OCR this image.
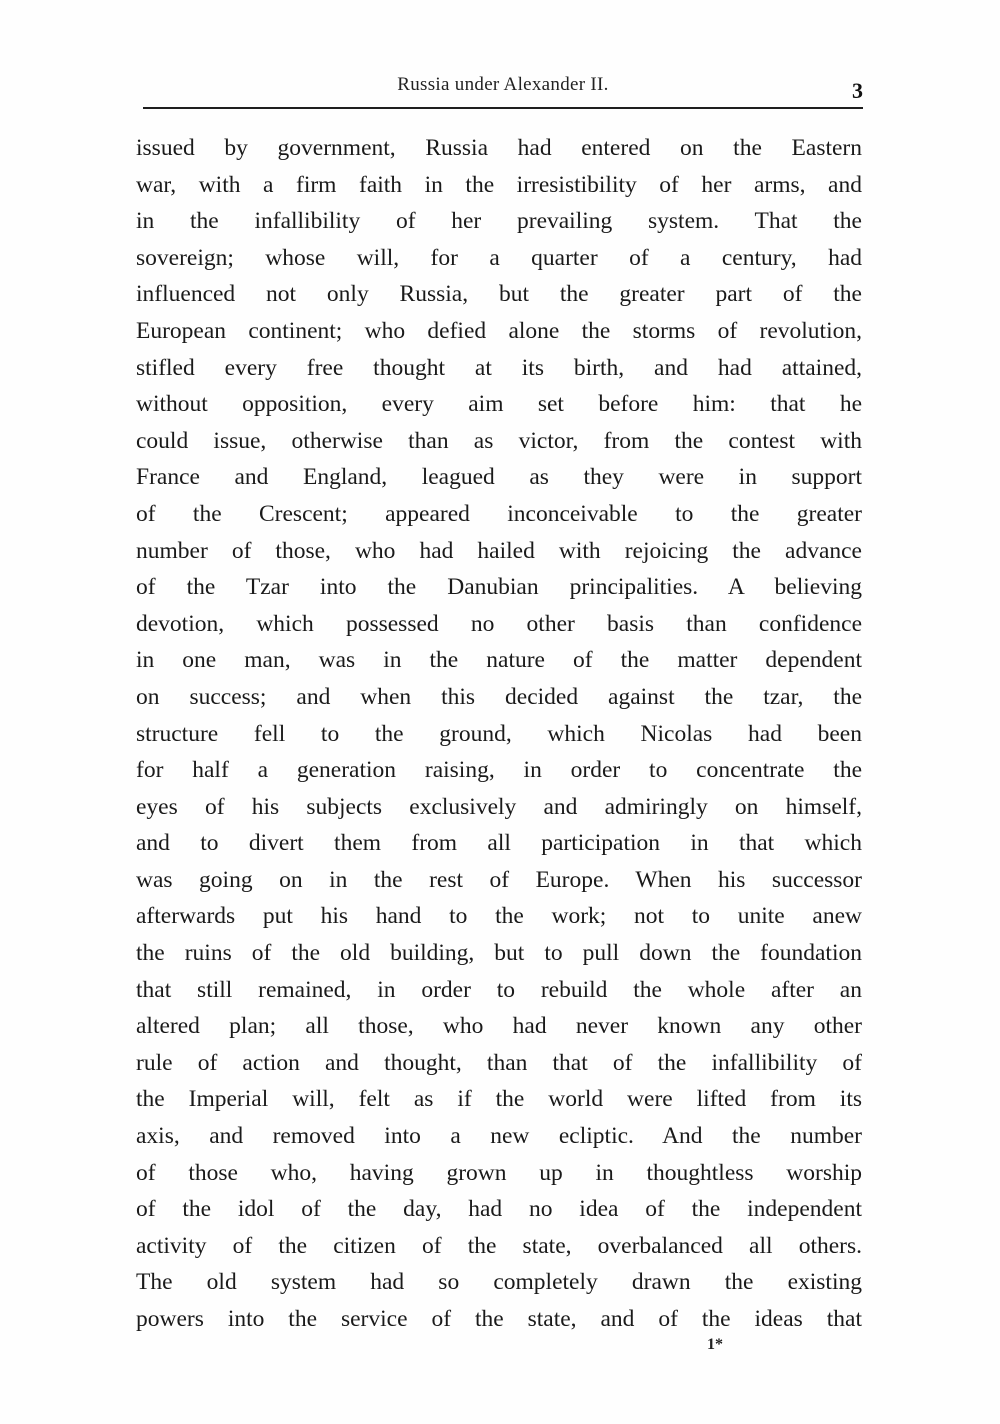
Russia under Alexander II.	3
issued by government, Russia had entered on the Eastern
war, with a firm faith in the irresistibility of her arms, and
in the infallibility of her prevailing system. That the
sovereign; whose will, for a quarter of a century, had
influenced not only Russia, but the greater part of the
European continent; who defied alone the storms of revolution,
stifled every free thought at its birth, and had attained,
without opposition, every aim set before him: that he
could issue, otherwise than as victor, from the contest with
France and England, leagued as they were in support
of the Crescent; appeared inconceivable to the greater
number of those, who had hailed with rejoicing the advance
of the Tzar into the Danubian principalities. A believing
devotion, which possessed no other basis than confidence
in one man, was in the nature of the matter dependent
on success; and when this decided against the tzar, the
structure fell to the ground, which Nicolas had been
for half a generation raising, in order to concentrate the
eyes of his subjects exclusively and admiringly on himself,
and to divert them from all participation in that which
was going on in the rest of Europe. When his successor
afterwards put his hand to the work; not to unite anew
the ruins of the old building, but to pull down the foundation
that still remained, in order to rebuild the whole after an
altered plan; all those, who had never known any other
rule of action and thought, than that of the infallibility of
the Imperial will, felt as if the world were lifted from its
axis, and removed into a new ecliptic. And the number
of those who, having grown up in thoughtless worship
of the idol of the day, had no idea of the independent
activity of the citizen of the state, overbalanced all others.
The old system had so completely drawn the existing
powers into the service of the state, and of the ideas that
1*
